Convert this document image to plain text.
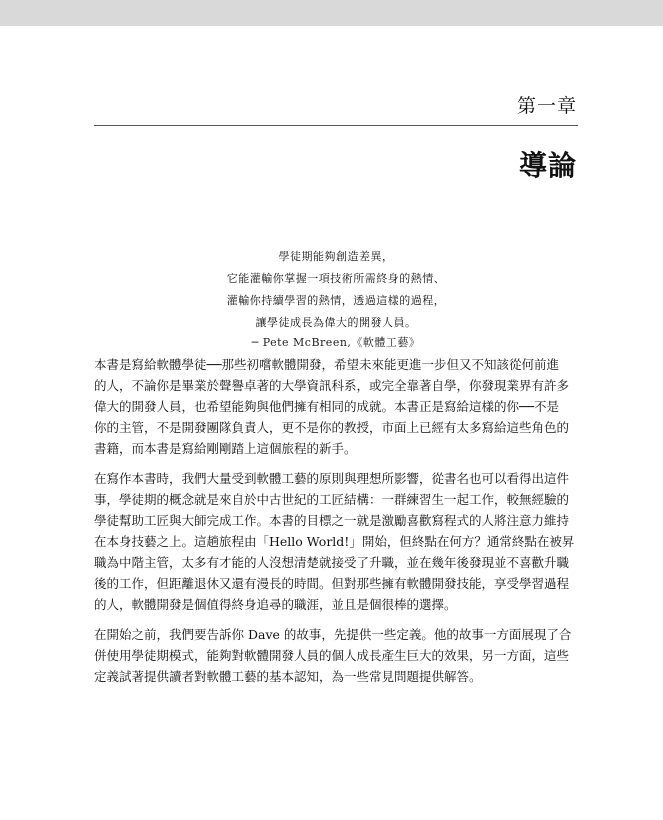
第一章
導論
學徒期能夠創造差異，
它能灌輸你掌握一項技術所需終身的熱情、
灌輸你持續學習的熱情，透過這樣的過程，
讓學徒成長為偉大的開發人員。
─ Pete McBreen,《軟體工藝》
本書是寫給軟體學徒──那些初嚐軟體開發，希望未來能更進一步但又不知該從何前進
的人，不論你是畢業於聲譽卓著的大學資訊科系，或完全靠著自學，你發現業界有許多
偉大的開發人員，也希望能夠與他們擁有相同的成就。本書正是寫給這樣的你──不是
你的主管，不是開發團隊負責人，更不是你的教授，市面上已經有太多寫給這些角色的
書籍，而本書是寫給剛剛踏上這個旅程的新手。
在寫作本書時，我們大量受到軟體工藝的原則與理想所影響，從書名也可以看得出這件
事，學徒期的概念就是來自於中古世紀的工匠結構：一群練習生一起工作，較無經驗的
學徒幫助工匠與大師完成工作。本書的目標之一就是激勵喜歡寫程式的人將注意力維持
在本身技藝之上。這趟旅程由「Hello World!」開始，但終點在何方？通常終點在被昇
職為中階主管，太多有才能的人沒想清楚就接受了升職，並在幾年後發現並不喜歡升職
後的工作，但距離退休又還有漫長的時間。但對那些擁有軟體開發技能，享受學習過程
的人，軟體開發是個值得終身追尋的職涯，並且是個很棒的選擇。
在開始之前，我們要告訴你 Dave 的故事，先提供一些定義。他的故事一方面展現了合
併使用學徒期模式，能夠對軟體開發人員的個人成長產生巨大的效果，另一方面，這些
定義試著提供讀者對軟體工藝的基本認知，為一些常見問題提供解答。
